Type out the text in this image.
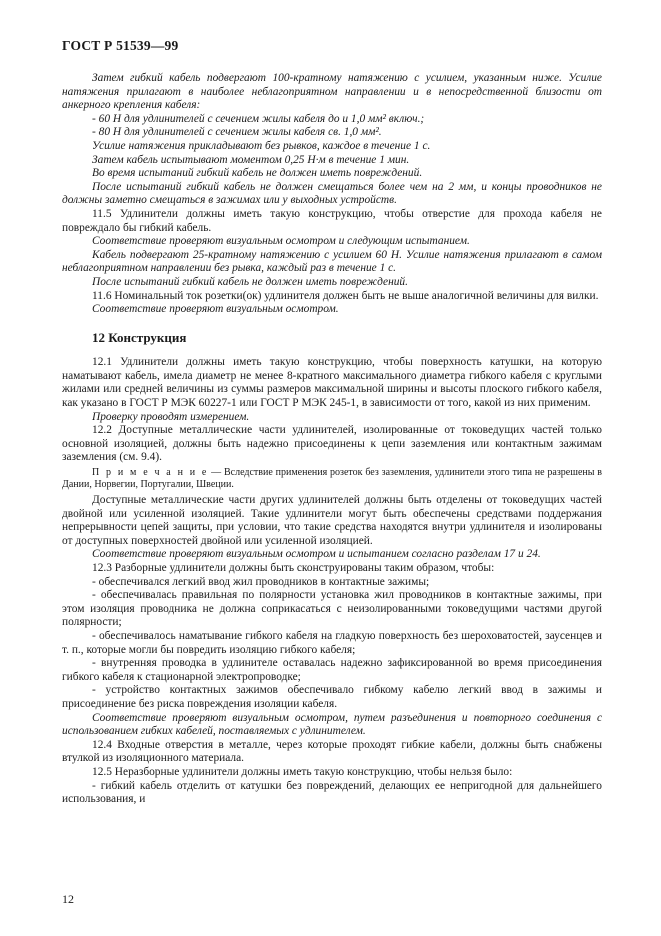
ГОСТ Р 51539—99

Затем гибкий кабель подвергают 100-кратному натяжению с усилием, указанным ниже. Усилие натяжения прилагают в наиболее неблагоприятном направлении и в непосредственной близости от анкерного крепления кабеля:

- 60 Н для удлинителей с сечением жилы кабеля до и 1,0 мм² включ.;

- 80 Н для удлинителей с сечением жилы кабеля св. 1,0 мм².

Усилие натяжения прикладывают без рывков, каждое в течение 1 с.

Затем кабель испытывают моментом 0,25 Н·м в течение 1 мин.

Во время испытаний гибкий кабель не должен иметь повреждений.

После испытаний гибкий кабель не должен смещаться более чем на 2 мм, и концы проводников не должны заметно смещаться в зажимах или у выходных устройств.

11.5 Удлинители должны иметь такую конструкцию, чтобы отверстие для прохода кабеля не повреждало бы гибкий кабель.

Соответствие проверяют визуальным осмотром и следующим испытанием.

Кабель подвергают 25-кратному натяжению с усилием 60 Н. Усилие натяжения прилагают в самом неблагоприятном направлении без рывка, каждый раз в течение 1 с.

После испытаний гибкий кабель не должен иметь повреждений.

11.6 Номинальный ток розетки(ок) удлинителя должен быть не выше аналогичной величины для вилки.

Соответствие проверяют визуальным осмотром.

12 Конструкция

12.1 Удлинители должны иметь такую конструкцию, чтобы поверхность катушки, на которую наматывают кабель, имела диаметр не менее 8-кратного максимального диаметра гибкого кабеля с круглыми жилами или средней величины из суммы размеров максимальной ширины и высоты плоского гибкого кабеля, как указано в ГОСТ Р МЭК 60227-1 или ГОСТ Р МЭК 245-1, в зависимости от того, какой из них применим.

Проверку проводят измерением.

12.2 Доступные металлические части удлинителей, изолированные от токоведущих частей только основной изоляцией, должны быть надежно присоединены к цепи заземления или контактным зажимам заземления (см. 9.4).

П р и м е ч а н и е — Вследствие применения розеток без заземления, удлинители этого типа не разрешены в Дании, Норвегии, Португалии, Швеции.

Доступные металлические части других удлинителей должны быть отделены от токоведущих частей двойной или усиленной изоляцией. Такие удлинители могут быть обеспечены средствами поддержания непрерывности цепей защиты, при условии, что такие средства находятся внутри удлинителя и изолированы от доступных поверхностей двойной или усиленной изоляцией.

Соответствие проверяют визуальным осмотром и испытанием согласно разделам 17 и 24.

12.3 Разборные удлинители должны быть сконструированы таким образом, чтобы:

- обеспечивался легкий ввод жил проводников в контактные зажимы;

- обеспечивалась правильная по полярности установка жил проводников в контактные зажимы, при этом изоляция проводника не должна соприкасаться с неизолированными токоведущими частями другой полярности;

- обеспечивалось наматывание гибкого кабеля на гладкую поверхность без шероховатостей, заусенцев и т. п., которые могли бы повредить изоляцию гибкого кабеля;

- внутренняя проводка в удлинителе оставалась надежно зафиксированной во время присоединения гибкого кабеля к стационарной электропроводке;

- устройство контактных зажимов обеспечивало гибкому кабелю легкий ввод в зажимы и присоединение без риска повреждения изоляции кабеля.

Соответствие проверяют визуальным осмотром, путем разъединения и повторного соединения с использованием гибких кабелей, поставляемых с удлинителем.

12.4 Входные отверстия в металле, через которые проходят гибкие кабели, должны быть снабжены втулкой из изоляционного материала.

12.5 Неразборные удлинители должны иметь такую конструкцию, чтобы нельзя было:

- гибкий кабель отделить от катушки без повреждений, делающих ее непригодной для дальнейшего использования, и

12
